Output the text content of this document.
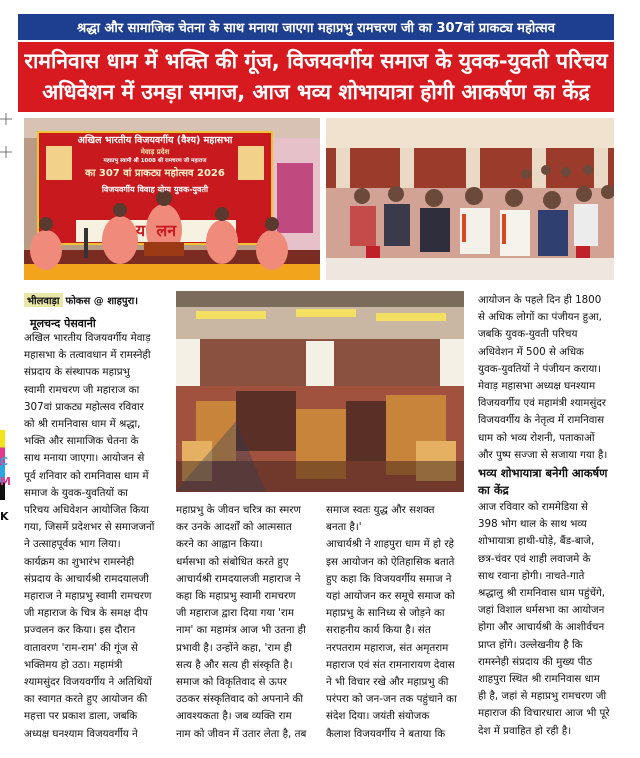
C
M
K
श्रद्धा और सामाजिक चेतना के साथ मनाया जाएगा महाप्रभु रामचरण जी का 307वां प्राकट्य महोत्सव
रामनिवास धाम में भक्ति की गूंज, विजयवर्गीय समाज के युवक-युवती परिचय
अधिवेशन में उमड़ा समाज, आज भव्य शोभायात्रा होगी आकर्षण का केंद्र
अखिल भारतीय विजयवर्गीय (वैश्य) महासभा
मेवाड़ प्रदेश
महाप्रभु स्वामी श्री 1008 श्री रामचरण जी महाराज
का 307 वां प्राकट्य महोत्सव 2026
विजयवर्गीय विवाह योग्य युवक-युवती
य  लन
भीलवाड़ा फोकस @ शाहपुरा।
मूलचन्द पेसवानी

अखिल भारतीय विजयवर्गीय मेवाड़

महासभा के तत्वावधान में रामस्नेही

संप्रदाय के संस्थापक महाप्रभु

स्वामी रामचरण जी महाराज का

307वां प्राकट्य महोत्सव रविवार

को श्री रामनिवास धाम में श्रद्धा,

भक्ति और सामाजिक चेतना के

साथ मनाया जाएगा। आयोजन से

पूर्व शनिवार को रामनिवास धाम में

समाज के युवक-युवतियों का

परिचय अधिवेशन आयोजित किया

गया, जिसमें प्रदेशभर से समाजजनों

ने उत्साहपूर्वक भाग लिया।

कार्यक्रम का शुभारंभ रामस्नेही

संप्रदाय के आचार्यश्री रामदयालजी

महाराज ने महाप्रभु स्वामी रामचरण

जी महाराज के चित्र के समक्ष दीप

प्रज्वलन कर किया। इस दौरान

वातावरण 'राम-राम' की गूंज से

भक्तिमय हो उठा। महामंत्री

श्यामसुंदर विजयवर्गीय ने अतिथियों

का स्वागत करते हुए आयोजन की

महत्ता पर प्रकाश डाला, जबकि

अध्यक्ष घनश्याम विजयवर्गीय ने

महाप्रभु के जीवन चरित्र का स्मरण

कर उनके आदर्शों को आत्मसात

करने का आह्वान किया।

धर्मसभा को संबोधित करते हुए

आचार्यश्री रामदयालजी महाराज ने

कहा कि महाप्रभु स्वामी रामचरण

जी महाराज द्वारा दिया गया 'राम

नाम' का महामंत्र आज भी उतना ही

प्रभावी है। उन्होंने कहा, 'राम ही

सत्य है और सत्य ही संस्कृति है।

समाज को विकृतिवाद से ऊपर

उठकर संस्कृतिवाद को अपनाने की

आवश्यकता है। जब व्यक्ति राम

नाम को जीवन में उतार लेता है, तब

समाज स्वतः युद्ध और सशक्त

बनता है।'

आचार्यश्री ने शाहपुरा धाम में हो रहे

इस आयोजन को ऐतिहासिक बताते

हुए कहा कि विजयवर्गीय समाज ने

यहां आयोजन कर समूचे समाज को

महाप्रभु के सानिध्य से जोड़ने का

सराहनीय कार्य किया है। संत

नरपतराम महाराज, संत अमृतराम

महाराज एवं संत रामनारायण देवास

ने भी विचार रखे और महाप्रभु की

परंपरा को जन-जन तक पहुंचाने का

संदेश दिया। जयंती संयोजक

कैलाश विजयवर्गीय ने बताया कि

आयोजन के पहले दिन ही 1800

से अधिक लोगों का पंजीयन हुआ,

जबकि युवक-युवती परिचय

अधिवेशन में 500 से अधिक

युवक-युवतियों ने पंजीयन कराया।

मेवाड़ महासभा अध्यक्ष घनश्याम

विजयवर्गीय एवं महामंत्री श्यामसुंदर

विजयवर्गीय के नेतृत्व में रामनिवास

धाम को भव्य रोशनी, पताकाओं

और पुष्प सज्जा से सजाया गया है।

भव्य शोभायात्रा बनेगी आकर्षण
का केंद्र

आज रविवार को राममेडिया से

398 भोग थाल के साथ भव्य

शोभायात्रा हाथी-घोड़े, बैंड-बाजे,

छत्र-चंवर एवं शाही लवाजमे के

साथ रवाना होगी। नाचते-गाते

श्रद्धालु श्री रामनिवास धाम पहुंचेंगे,

जहां विशाल धर्मसभा का आयोजन

होगा और आचार्यश्री के आशीर्वचन

प्राप्त होंगे। उल्लेखनीय है कि

रामस्नेही संप्रदाय की मुख्य पीठ

शाहपुरा स्थित श्री रामनिवास धाम

ही है, जहां से महाप्रभु रामचरण जी

महाराज की विचारधारा आज भी पूरे

देश में प्रवाहित हो रही है।
